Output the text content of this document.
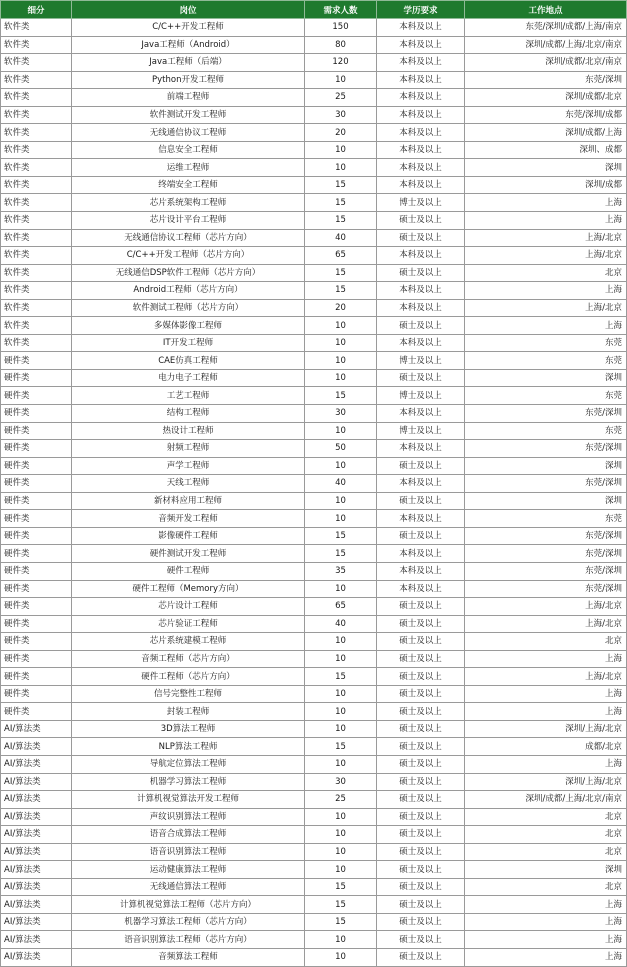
细分	岗位	需求人数	学历要求	工作地点
软件类	C/C++开发工程师	150	本科及以上	东莞/深圳/成都/上海/南京
软件类	Java工程师（Android）	80	本科及以上	深圳/成都/上海/北京/南京
软件类	Java工程师（后端）	120	本科及以上	深圳/成都/北京/南京
软件类	Python开发工程师	10	本科及以上	东莞/深圳
软件类	前端工程师	25	本科及以上	深圳/成都/北京
软件类	软件测试开发工程师	30	本科及以上	东莞/深圳/成都
软件类	无线通信协议工程师	20	本科及以上	深圳/成都/上海
软件类	信息安全工程师	10	本科及以上	深圳、成都
软件类	运维工程师	10	本科及以上	深圳
软件类	终端安全工程师	15	本科及以上	深圳/成都
软件类	芯片系统架构工程师	15	博士及以上	上海
软件类	芯片设计平台工程师	15	硕士及以上	上海
软件类	无线通信协议工程师（芯片方向）	40	硕士及以上	上海/北京
软件类	C/C++开发工程师（芯片方向）	65	本科及以上	上海/北京
软件类	无线通信DSP软件工程师（芯片方向）	15	硕士及以上	北京
软件类	Android工程师（芯片方向）	15	本科及以上	上海
软件类	软件测试工程师（芯片方向）	20	本科及以上	上海/北京
软件类	多媒体影像工程师	10	硕士及以上	上海
软件类	IT开发工程师	10	本科及以上	东莞
硬件类	CAE仿真工程师	10	博士及以上	东莞
硬件类	电力电子工程师	10	硕士及以上	深圳
硬件类	工艺工程师	15	博士及以上	东莞
硬件类	结构工程师	30	本科及以上	东莞/深圳
硬件类	热设计工程师	10	博士及以上	东莞
硬件类	射频工程师	50	本科及以上	东莞/深圳
硬件类	声学工程师	10	硕士及以上	深圳
硬件类	天线工程师	40	本科及以上	东莞/深圳
硬件类	新材料应用工程师	10	硕士及以上	深圳
硬件类	音频开发工程师	10	本科及以上	东莞
硬件类	影像硬件工程师	15	硕士及以上	东莞/深圳
硬件类	硬件测试开发工程师	15	本科及以上	东莞/深圳
硬件类	硬件工程师	35	本科及以上	东莞/深圳
硬件类	硬件工程师（Memory方向）	10	本科及以上	东莞/深圳
硬件类	芯片设计工程师	65	硕士及以上	上海/北京
硬件类	芯片验证工程师	40	硕士及以上	上海/北京
硬件类	芯片系统建模工程师	10	硕士及以上	北京
硬件类	音频工程师（芯片方向）	10	硕士及以上	上海
硬件类	硬件工程师（芯片方向）	15	硕士及以上	上海/北京
硬件类	信号完整性工程师	10	硕士及以上	上海
硬件类	封装工程师	10	硕士及以上	上海
AI/算法类	3D算法工程师	10	硕士及以上	深圳/上海/北京
AI/算法类	NLP算法工程师	15	硕士及以上	成都/北京
AI/算法类	导航定位算法工程师	10	硕士及以上	上海
AI/算法类	机器学习算法工程师	30	硕士及以上	深圳/上海/北京
AI/算法类	计算机视觉算法开发工程师	25	硕士及以上	深圳/成都/上海/北京/南京
AI/算法类	声纹识别算法工程师	10	硕士及以上	北京
AI/算法类	语音合成算法工程师	10	硕士及以上	北京
AI/算法类	语音识别算法工程师	10	硕士及以上	北京
AI/算法类	运动健康算法工程师	10	硕士及以上	深圳
AI/算法类	无线通信算法工程师	15	硕士及以上	北京
AI/算法类	计算机视觉算法工程师（芯片方向）	15	硕士及以上	上海
AI/算法类	机器学习算法工程师（芯片方向）	15	硕士及以上	上海
AI/算法类	语音识别算法工程师（芯片方向）	10	硕士及以上	上海
AI/算法类	音频算法工程师	10	硕士及以上	上海
